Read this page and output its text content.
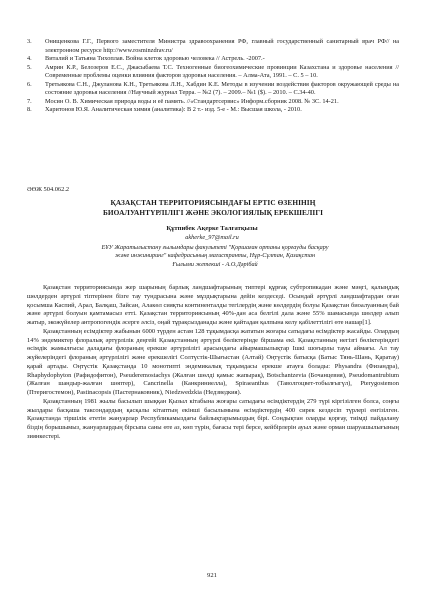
3. Онищенкова Г.Г., Первого заместителя Министра здравоохранения РФ, главный государственный санитарный врач РФ// на электронном ресурсе http://www.rosminzdrav.ru/
4. Виталий и Татьяна Тихоплав. Война клеток здоровью человека // Астрель. -2007.-
5. Амрин К.Р., Белозеров Е.С., Джасыбаева Т.С. Техногенные биогеохимические провинции Казахстана и здоровье населения // Современные проблемы оценки влияния факторов здоровья населения. – Алма-Ата, 1991. – С. 5 – 10.
6. Третьякова С.Н., Джуланова К.Н., Третьякова Л.Н., Хабдин К.Е. Методы в изучении воздействия факторов окружающей среды на состояние здоровья населения //Научный журнал Терра. – №2 (7). – 2009.– №1 ($). – 2010. – С.34-40.
7. Мосин О. В. Химическая природа воды и её память. //«Стандартсервис» Информ.сборник 2008. № 3С. 14-21.
8. Харитонов Ю.Я. Аналитическая химия (аналитика): В 2 т.- изд. 5-е - М.: Высшая школа, - 2010.
ӘӨЖ 504.062.2
ҚАЗАҚСТАН ТЕРРИТОРИЯСЫНДАҒЫ ЕРТІС ӨЗЕНІНІҢ
БИОАЛУАНТҮРЛІЛІГІ ЖӘНЕ ЭКОЛОГИЯЛЫҚ ЕРЕКШЕЛІГІ
Құтпибек Ақерке Талғатқызы
akherke_97@mail.ru
ЕҰУ Жаратылыстану ғылымдары факультеті "Қоршаған ортаны қорғауды басқару
және инжиниринг" кафедрасының магистранты, Нұр-Сұлтан, Қазақстан
Ғылыми жетекші - А.О.Дәрібай

Қазақстан территориясында жер шарының барлық ландшафтарының типтері құрғақ субтропикадан және мәңгі, қалыңдық шөлдерден әртүрлі тіптерінен бізге тау тундрасына және мұздықтарына дейін кездеседі. Осындай әртүрлі ландшафтардан оған қосымша Каспий, Арал, Балқаш, Зайсан, Алакөл сияқты континенталды тегілердің және көлдердің болуы Қазақстан биоалуанның бай және әртүрлі болуын қамтамасыз етті. Қазақстан территориясының 40%-дан аса белгілі дала және 55% шамасында шөлдер алып жатыр, экожүйелер антропогендік әсерге әлсіз, оңай тұрақсызданады және қайтадан қалпына келу қабілеттілігі өте нашар[1].

Қазақстанның есімдіктер жабынын 6000 түрден астам 128 тұқымдасқа жататын жоғары сатыдағы өсімдіктер жасайды. Олардың 14% эндемиктер флоралық әртүрлілік деңгейі Қазақстанның әртүрлі бөліктерінде біршама екі. Қазақстанның негізгі бөліктеріндегі өсімдік жамылғысы даладағы флораның ерекше әртүрлілігі арасындағы айырмашылықтар Ішкі шоғырлы тауы аймағы. Ал тау жүйелеріндегі флораның әртүрлілігі және ерекшелігі Солтүстік-Шығыстан (Алтай) Оңтүстік батысқа (Батыс Тянь-Шань, Қаратау) қарай артады. Оңтүстік Қазақстанда 10 монотипті эндемикалық тұқымдасы ерекше атауға болады: Physandra (Физандра), Rhaphydophyton (Рафидофитон), Pseuderemostachys (Жалған шөлді қамыс жапырақ), Botschantzevia (Бочанцевия), Pseudomantrubium (Жалған шандыр-жалған шөптер), Cancrinella (Канкриниелла), Spiraeanthus (Таволгоцвет-тобылғыгүл), Pterygostemon (Птеригостемон), Pastinacopsis (Пастернаковник), Niedzwedzkia (Недзведкия).

Қазақстанның 1981 жылы басылып шыққан Қызыл кітабына жоғары сатыдағы өсімдіктердің 279 түрі кіргізілген болса, соңғы жылдары басқаша таксондардың қасқалы кітаптың екінші басылымына өсімдіктердің 400 сирек кездесіп түрлері енгізілген. Қазақстанда тіршілік ететін жануарлар Республикамыздағы байлықтарымыздың бірі. Сондықтан оларды қорғау, тиімді пайдалану біздің борышымыз, жануарлардың бірсыпа саны өте аз, көп түрін, бағасы тері берсе, кейбірлерін ауыл және орман шаруашылығының зиянкестері.

921
